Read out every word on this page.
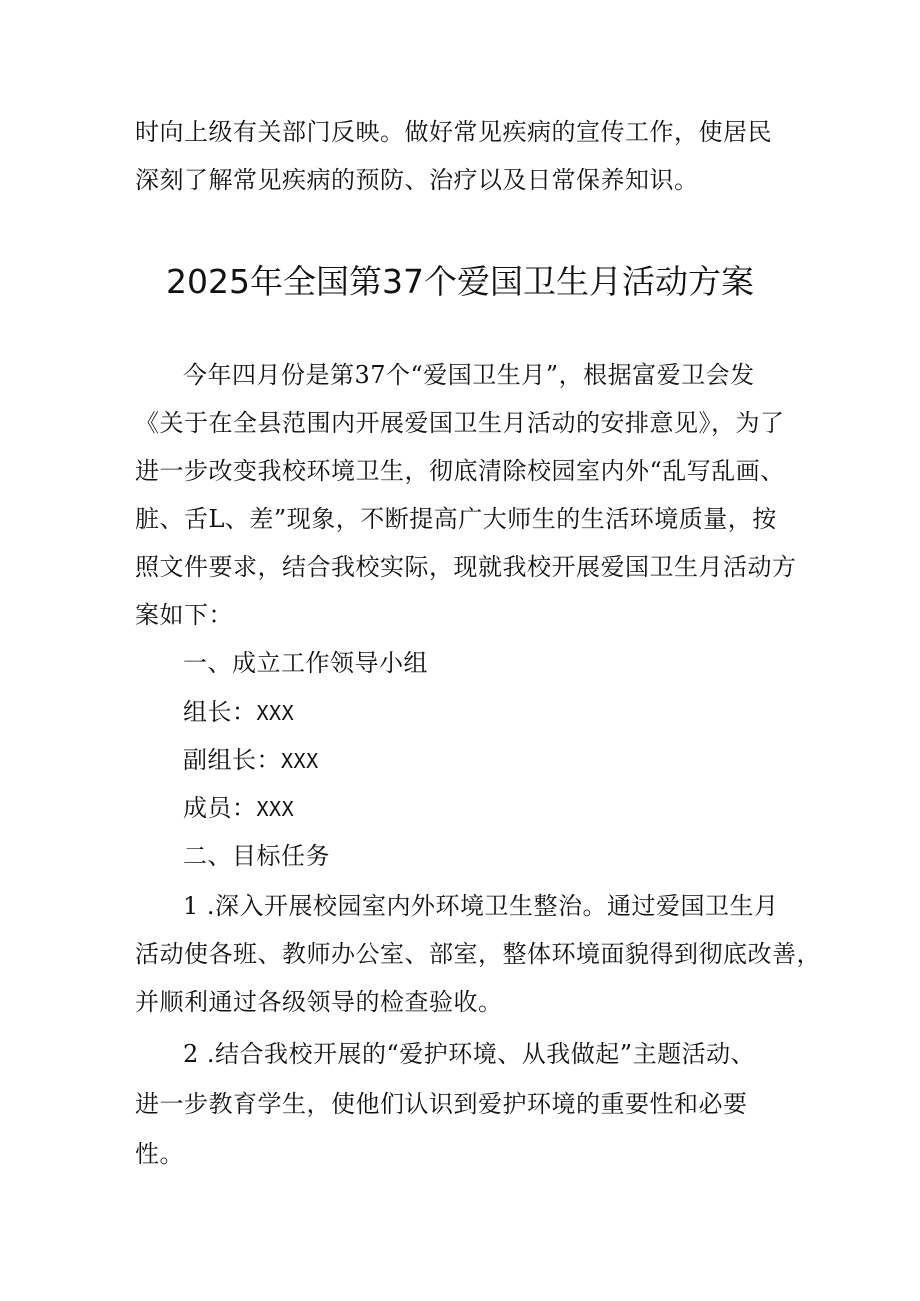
时向上级有关部门反映。做好常见疾病的宣传工作，使居民
深刻了解常见疾病的预防、治疗以及日常保养知识。
2025年全国第37个爱国卫生月活动方案
今年四月份是第37个“爱国卫生月”，根据富爱卫会发
《关于在全县范围内开展爱国卫生月活动的安排意见》，为了
进一步改变我校环境卫生，彻底清除校园室内外“乱写乱画、
脏、舌L、差”现象，不断提高广大师生的生活环境质量，按
照文件要求，结合我校实际，现就我校开展爱国卫生月活动方
案如下：
一、成立工作领导小组
组长：XXX
副组长：XXX
成员：XXX
二、目标任务
1 .深入开展校园室内外环境卫生整治。通过爱国卫生月
活动使各班、教师办公室、部室，整体环境面貌得到彻底改善，
并顺利通过各级领导的检查验收。
2 .结合我校开展的“爱护环境、从我做起”主题活动、
进一步教育学生，使他们认识到爱护环境的重要性和必要
性。
